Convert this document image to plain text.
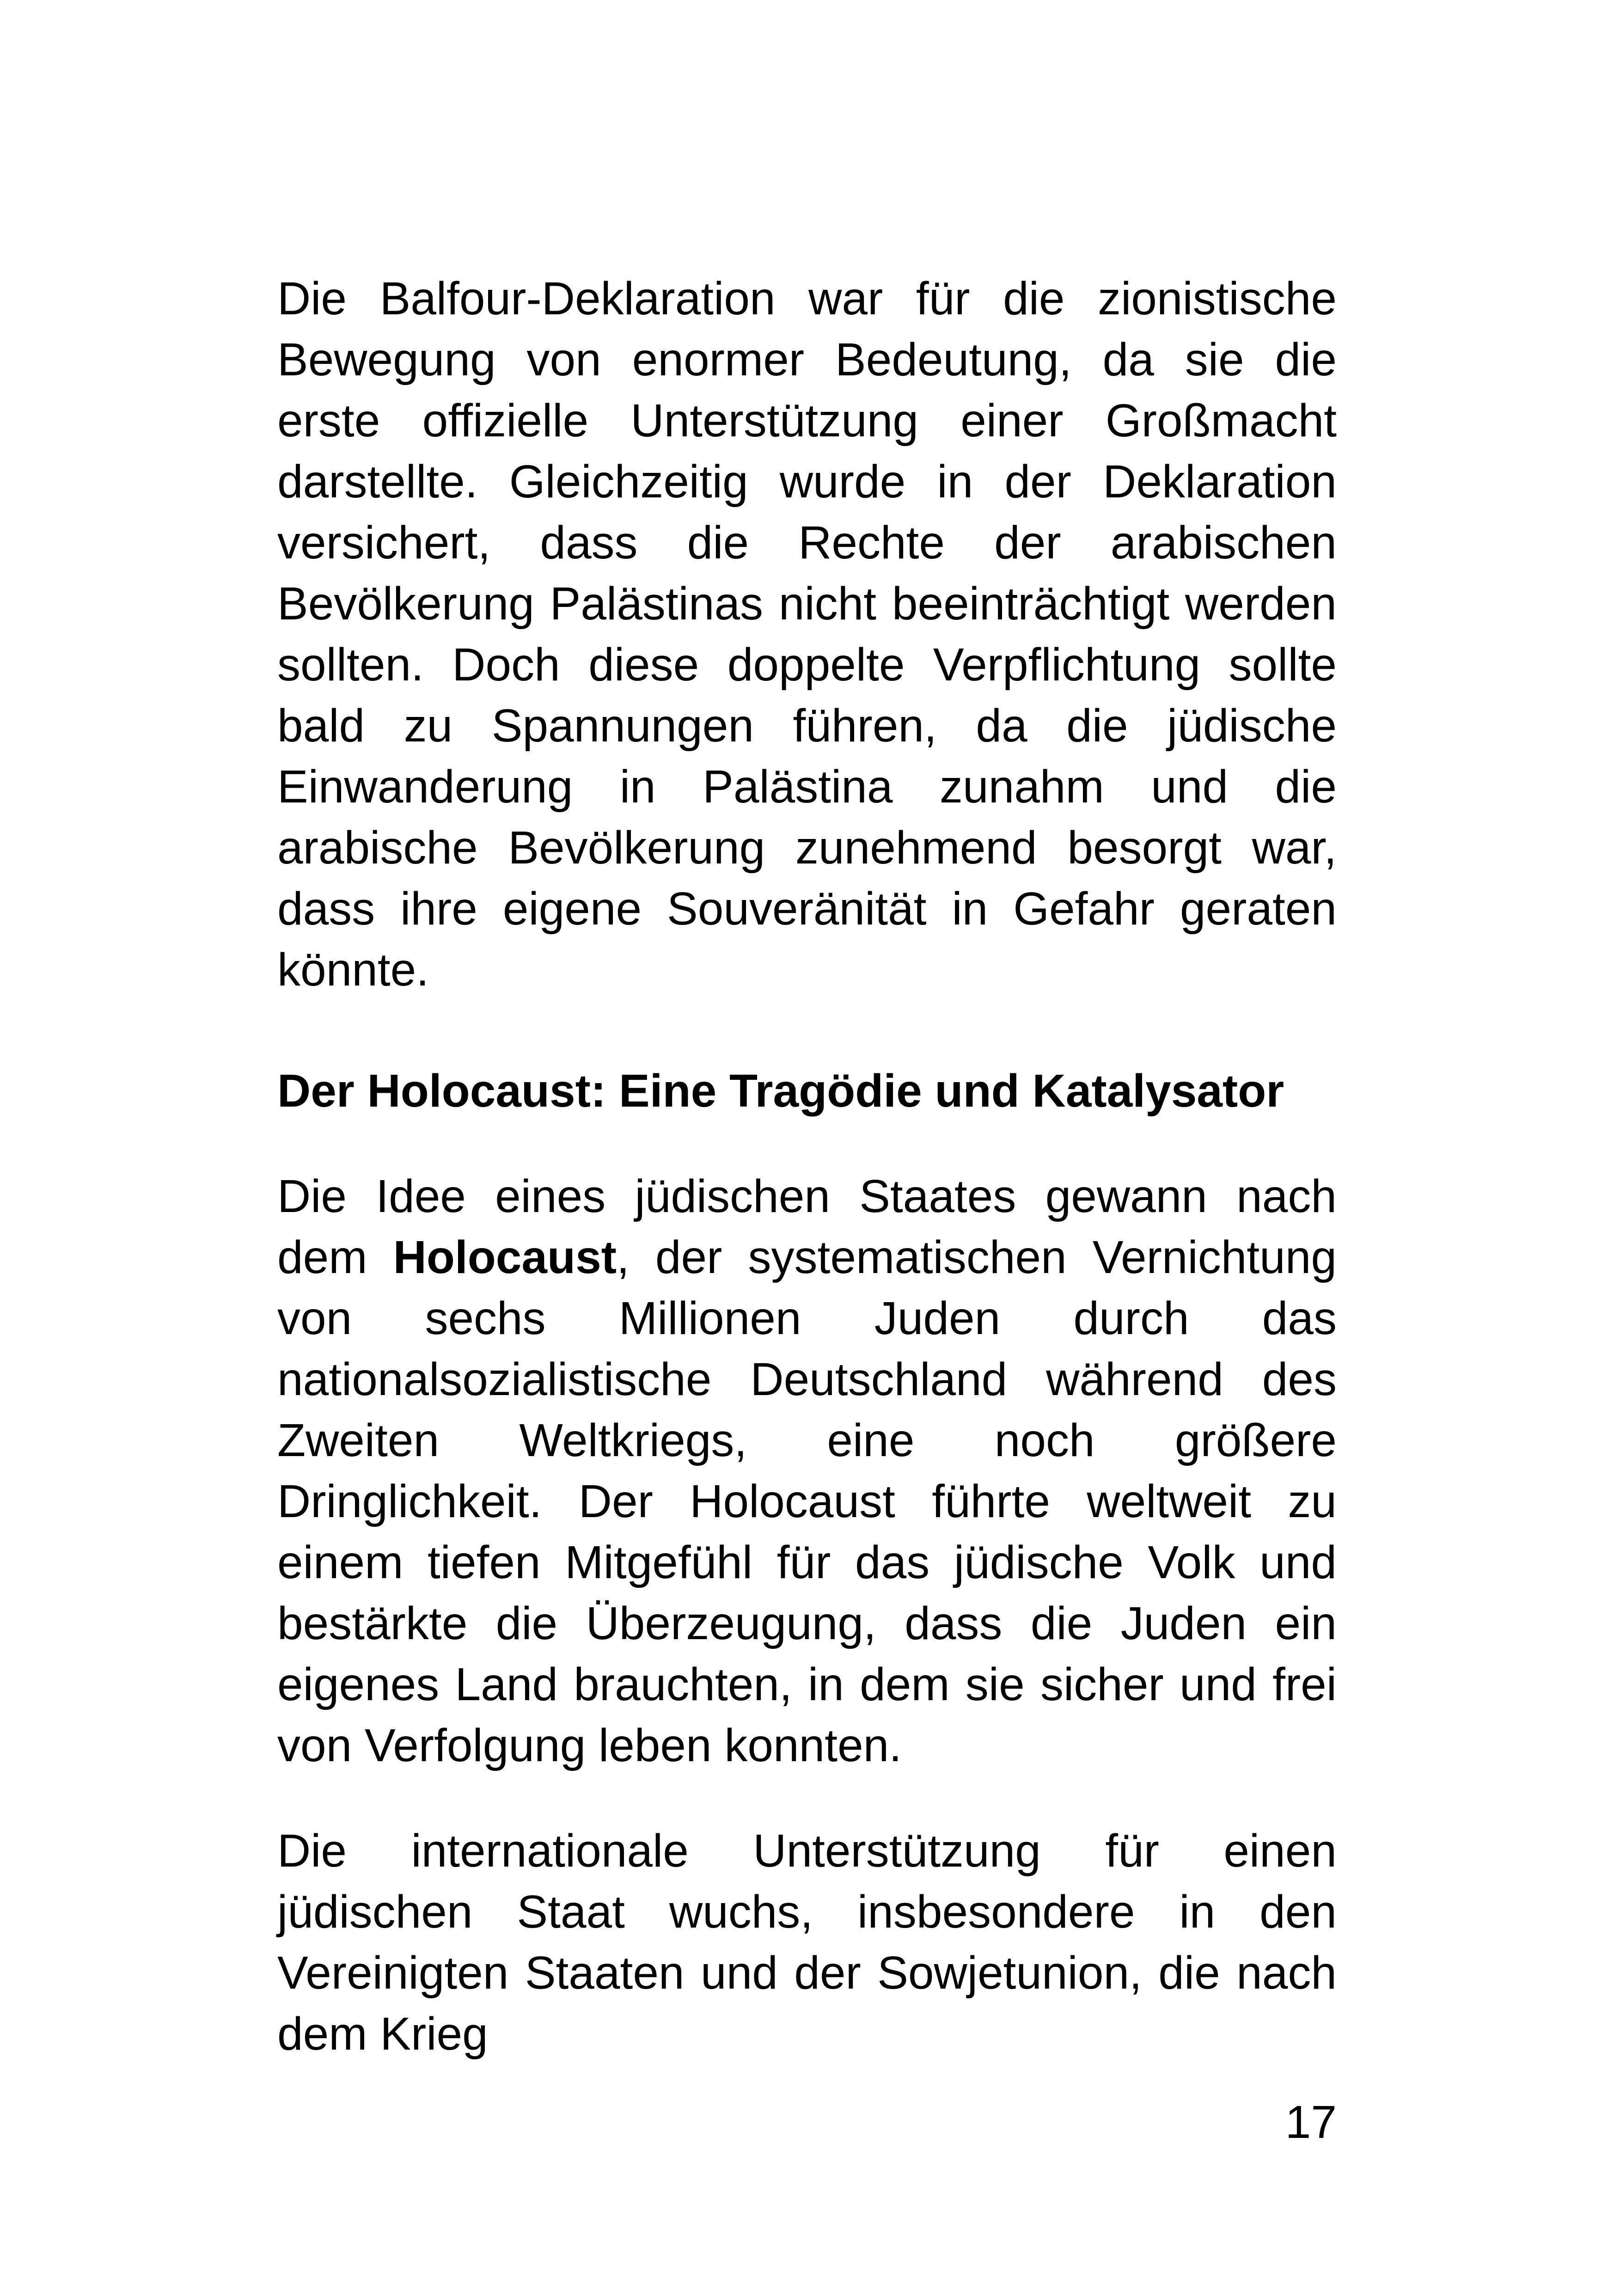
Die Balfour-Deklaration war für die zionistische Bewegung von enormer Bedeutung, da sie die erste offizielle Unterstützung einer Großmacht darstellte. Gleichzeitig wurde in der Deklaration versichert, dass die Rechte der arabischen Bevölkerung Palästinas nicht beeinträchtigt werden sollten. Doch diese doppelte Verpflichtung sollte bald zu Spannungen führen, da die jüdische Einwanderung in Palästina zunahm und die arabische Bevölkerung zunehmend besorgt war, dass ihre eigene Souveränität in Gefahr geraten könnte.

Der Holocaust: Eine Tragödie und Katalysator

Die Idee eines jüdischen Staates gewann nach dem Holocaust, der systematischen Vernichtung von sechs Millionen Juden durch das nationalsozialistische Deutschland während des Zweiten Weltkriegs, eine noch größere Dringlichkeit. Der Holocaust führte weltweit zu einem tiefen Mitgefühl für das jüdische Volk und bestärkte die Überzeugung, dass die Juden ein eigenes Land brauchten, in dem sie sicher und frei von Verfolgung leben konnten.

Die internationale Unterstützung für einen jüdischen Staat wuchs, insbesondere in den Vereinigten Staaten und der Sowjetunion, die nach dem Krieg

17
